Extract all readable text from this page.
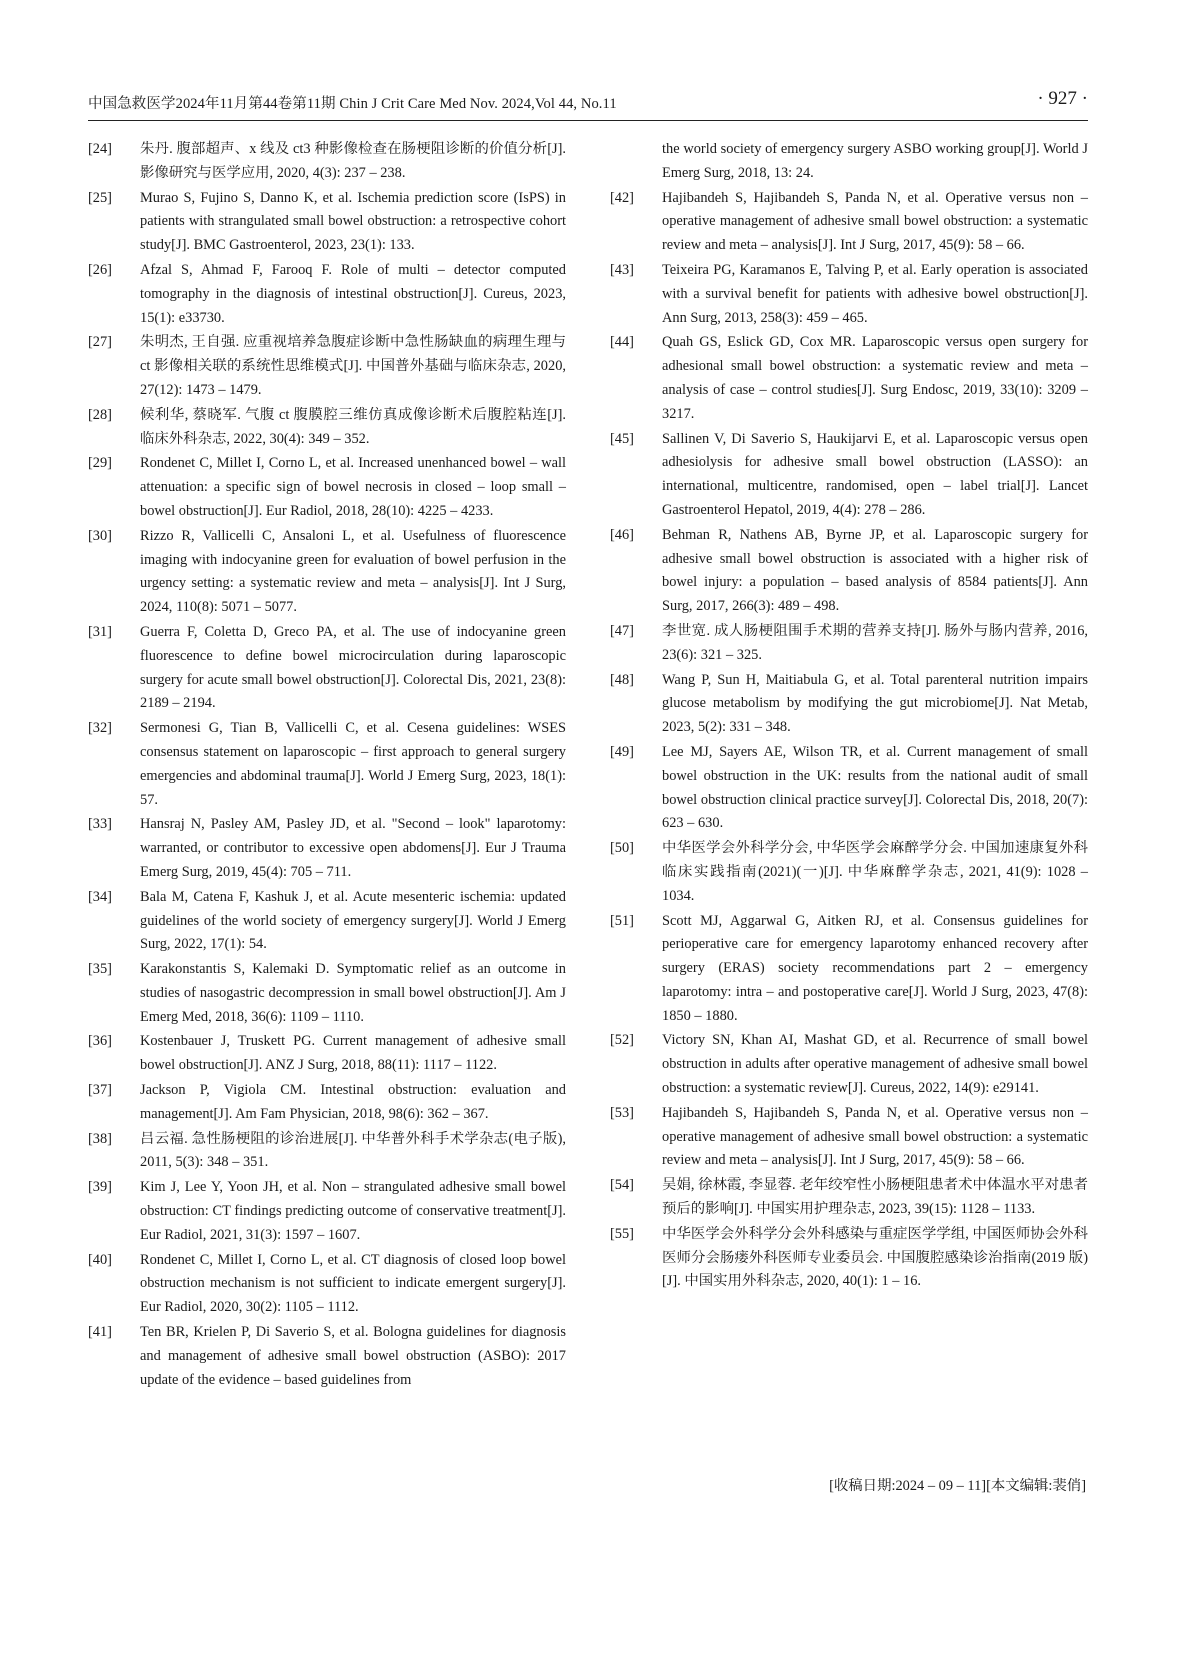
中国急救医学2024年11月第44卷第11期 Chin J Crit Care Med Nov. 2024,Vol 44, No.11	· 927 ·
[24] 朱丹. 腹部超声、x 线及 ct3 种影像检查在肠梗阻诊断的价值分析[J]. 影像研究与医学应用, 2020, 4(3): 237 – 238.
[25] Murao S, Fujino S, Danno K, et al. Ischemia prediction score (IsPS) in patients with strangulated small bowel obstruction: a retrospective cohort study[J]. BMC Gastroenterol, 2023, 23(1): 133.
[26] Afzal S, Ahmad F, Farooq F. Role of multi – detector computed tomography in the diagnosis of intestinal obstruction[J]. Cureus, 2023, 15(1): e33730.
[27] 朱明杰, 王自强. 应重视培养急腹症诊断中急性肠缺血的病理生理与 ct 影像相关联的系统性思维模式[J]. 中国普外基础与临床杂志, 2020, 27(12): 1473 – 1479.
[28] 候利华, 蔡晓军. 气腹 ct 腹膜腔三维仿真成像诊断术后腹腔粘连[J]. 临床外科杂志, 2022, 30(4): 349 – 352.
[29] Rondenet C, Millet I, Corno L, et al. Increased unenhanced bowel – wall attenuation: a specific sign of bowel necrosis in closed – loop small – bowel obstruction[J]. Eur Radiol, 2018, 28(10): 4225 – 4233.
[30] Rizzo R, Vallicelli C, Ansaloni L, et al. Usefulness of fluorescence imaging with indocyanine green for evaluation of bowel perfusion in the urgency setting: a systematic review and meta – analysis[J]. Int J Surg, 2024, 110(8): 5071 – 5077.
[31] Guerra F, Coletta D, Greco PA, et al. The use of indocyanine green fluorescence to define bowel microcirculation during laparoscopic surgery for acute small bowel obstruction[J]. Colorectal Dis, 2021, 23(8): 2189 – 2194.
[32] Sermonesi G, Tian B, Vallicelli C, et al. Cesena guidelines: WSES consensus statement on laparoscopic – first approach to general surgery emergencies and abdominal trauma[J]. World J Emerg Surg, 2023, 18(1): 57.
[33] Hansraj N, Pasley AM, Pasley JD, et al. "Second – look" laparotomy: warranted, or contributor to excessive open abdomens[J]. Eur J Trauma Emerg Surg, 2019, 45(4): 705 – 711.
[34] Bala M, Catena F, Kashuk J, et al. Acute mesenteric ischemia: updated guidelines of the world society of emergency surgery[J]. World J Emerg Surg, 2022, 17(1): 54.
[35] Karakonstantis S, Kalemaki D. Symptomatic relief as an outcome in studies of nasogastric decompression in small bowel obstruction[J]. Am J Emerg Med, 2018, 36(6): 1109 – 1110.
[36] Kostenbauer J, Truskett PG. Current management of adhesive small bowel obstruction[J]. ANZ J Surg, 2018, 88(11): 1117 – 1122.
[37] Jackson P, Vigiola CM. Intestinal obstruction: evaluation and management[J]. Am Fam Physician, 2018, 98(6): 362 – 367.
[38] 吕云福. 急性肠梗阻的诊治进展[J]. 中华普外科手术学杂志(电子版), 2011, 5(3): 348 – 351.
[39] Kim J, Lee Y, Yoon JH, et al. Non – strangulated adhesive small bowel obstruction: CT findings predicting outcome of conservative treatment[J]. Eur Radiol, 2021, 31(3): 1597 – 1607.
[40] Rondenet C, Millet I, Corno L, et al. CT diagnosis of closed loop bowel obstruction mechanism is not sufficient to indicate emergent surgery[J]. Eur Radiol, 2020, 30(2): 1105 – 1112.
[41] Ten BR, Krielen P, Di Saverio S, et al. Bologna guidelines for diagnosis and management of adhesive small bowel obstruction (ASBO): 2017 update of the evidence – based guidelines from
the world society of emergency surgery ASBO working group[J]. World J Emerg Surg, 2018, 13: 24.
[42] Hajibandeh S, Hajibandeh S, Panda N, et al. Operative versus non – operative management of adhesive small bowel obstruction: a systematic review and meta – analysis[J]. Int J Surg, 2017, 45(9): 58 – 66.
[43] Teixeira PG, Karamanos E, Talving P, et al. Early operation is associated with a survival benefit for patients with adhesive bowel obstruction[J]. Ann Surg, 2013, 258(3): 459 – 465.
[44] Quah GS, Eslick GD, Cox MR. Laparoscopic versus open surgery for adhesional small bowel obstruction: a systematic review and meta – analysis of case – control studies[J]. Surg Endosc, 2019, 33(10): 3209 – 3217.
[45] Sallinen V, Di Saverio S, Haukijarvi E, et al. Laparoscopic versus open adhesiolysis for adhesive small bowel obstruction (LASSO): an international, multicentre, randomised, open – label trial[J]. Lancet Gastroenterol Hepatol, 2019, 4(4): 278 – 286.
[46] Behman R, Nathens AB, Byrne JP, et al. Laparoscopic surgery for adhesive small bowel obstruction is associated with a higher risk of bowel injury: a population – based analysis of 8584 patients[J]. Ann Surg, 2017, 266(3): 489 – 498.
[47] 李世宽. 成人肠梗阻围手术期的营养支持[J]. 肠外与肠内营养, 2016, 23(6): 321 – 325.
[48] Wang P, Sun H, Maitiabula G, et al. Total parenteral nutrition impairs glucose metabolism by modifying the gut microbiome[J]. Nat Metab, 2023, 5(2): 331 – 348.
[49] Lee MJ, Sayers AE, Wilson TR, et al. Current management of small bowel obstruction in the UK: results from the national audit of small bowel obstruction clinical practice survey[J]. Colorectal Dis, 2018, 20(7): 623 – 630.
[50] 中华医学会外科学分会, 中华医学会麻醉学分会. 中国加速康复外科临床实践指南(2021)(一)[J]. 中华麻醉学杂志, 2021, 41(9): 1028 – 1034.
[51] Scott MJ, Aggarwal G, Aitken RJ, et al. Consensus guidelines for perioperative care for emergency laparotomy enhanced recovery after surgery (ERAS) society recommendations part 2 – emergency laparotomy: intra – and postoperative care[J]. World J Surg, 2023, 47(8): 1850 – 1880.
[52] Victory SN, Khan AI, Mashat GD, et al. Recurrence of small bowel obstruction in adults after operative management of adhesive small bowel obstruction: a systematic review[J]. Cureus, 2022, 14(9): e29141.
[53] Hajibandeh S, Hajibandeh S, Panda N, et al. Operative versus non – operative management of adhesive small bowel obstruction: a systematic review and meta – analysis[J]. Int J Surg, 2017, 45(9): 58 – 66.
[54] 吴娟, 徐林霞, 李显蓉. 老年绞窄性小肠梗阻患者术中体温水平对患者预后的影响[J]. 中国实用护理杂志, 2023, 39(15): 1128 – 1133.
[55] 中华医学会外科学分会外科感染与重症医学学组, 中国医师协会外科医师分会肠瘘外科医师专业委员会. 中国腹腔感染诊治指南(2019 版)[J]. 中国实用外科杂志, 2020, 40(1): 1 – 16.
[收稿日期:2024 – 09 – 11][本文编辑:裴俏]
